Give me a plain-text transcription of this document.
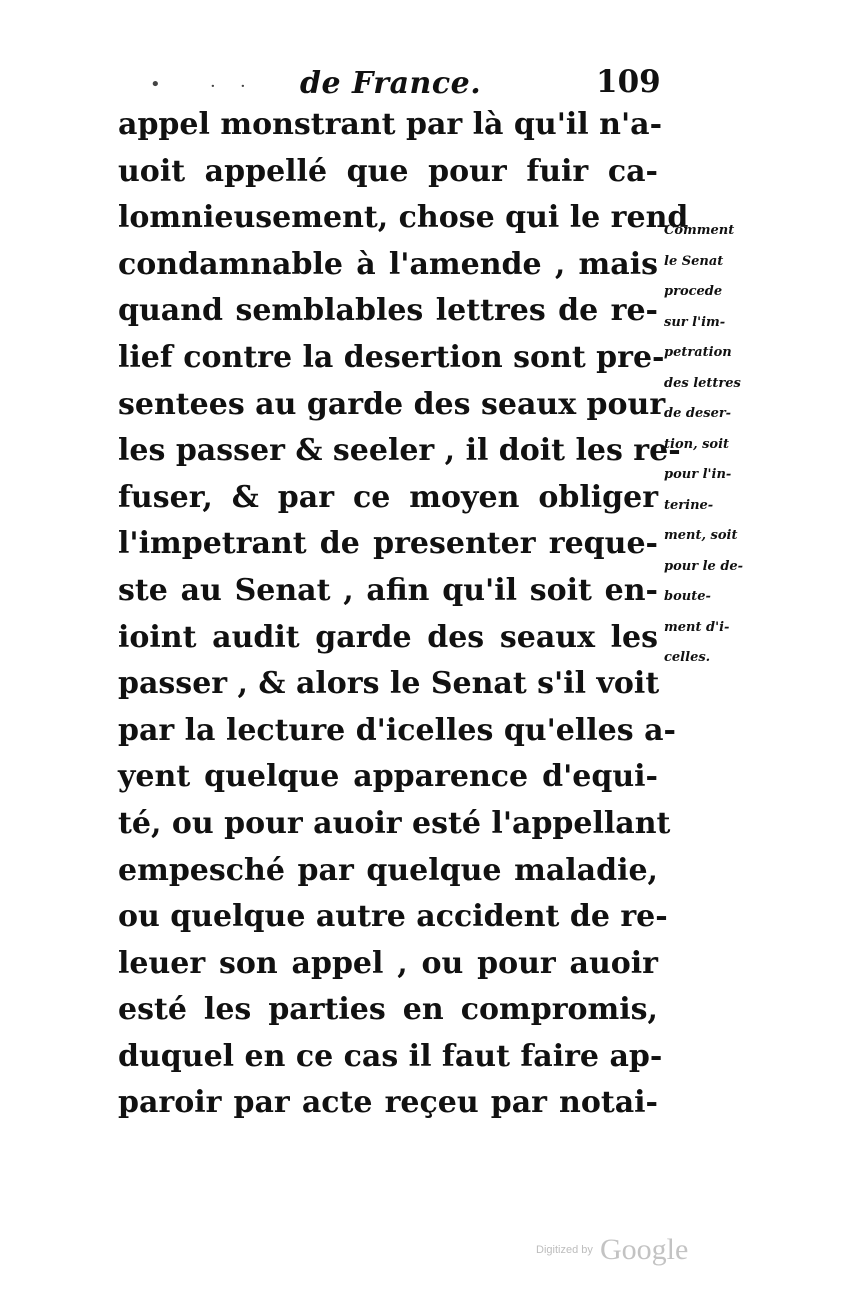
•	· · de France.	109
appel monstrant par là qu'il n'a-
uoit appellé que pour fuir ca-
lomnieusement, chose qui le rend
condamnable à l'amende , mais
quand semblables lettres de re-
lief contre la desertion sont pre-
sentees au garde des seaux pour
les passer & seeler , il doit les re-
fuser, & par ce moyen obliger
l'impetrant de presenter reque-
ste au Senat , afin qu'il soit en-
ioint audit garde des seaux les
passer , & alors le Senat s'il voit
par la lecture d'icelles qu'elles a-
yent quelque apparence d'equi-
té, ou pour auoir esté l'appellant
empesché par quelque maladie,
ou quelque autre accident de re-
leuer son appel , ou pour auoir
esté les parties en compromis,
duquel en ce cas il faut faire ap-
paroir par acte reçeu par notai-
Comment
le Senat
procede
sur l'im-
petration
des lettres
de deser-
tion, soit
pour l'in-
terine-
ment, soit
pour le de-
boute-
ment d'i-
celles.
Digitized by Google
